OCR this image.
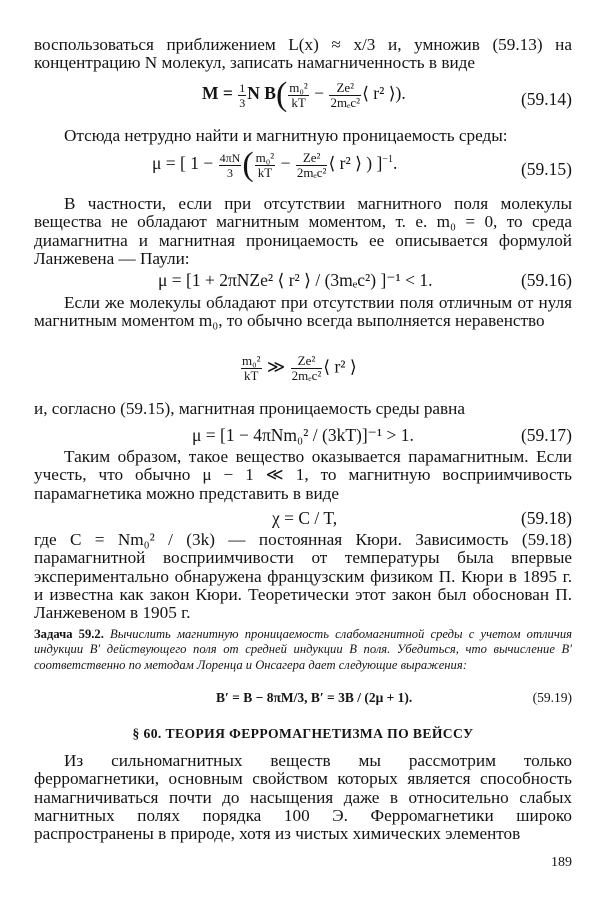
воспользоваться приближением L(x) ≈ x/3 и, умножив (59.13) на концентрацию N молекул, записать намагниченность в виде

$M = \frac{1}{3}$ N $B( \frac{\text{m₀²}}{kT} - \frac{\text{Ze²}}{\text{2mₑc²}}$ ⟨ r² ⟩).	(59.14)

Отсюда нетрудно найти и магнитную проницаемость среды:

μ = [ $1 - \frac{4\pi N}{3}$ ( $\frac{\text{m₀²}}{kT} - \frac{\text{Ze²}}{\text{2mₑc²}}$ ⟨ r² ⟩ ) ]$^{-1}$.	(59.15)

В частности, если при отсутствии магнитного поля молекулы вещества не обладают магнитным моментом, т. е. m₀ = 0, то среда диамагнитна и магнитная проницаемость ее описывается формулой Ланжевена — Паули:

μ = [1 + 2πNZe² ⟨ r² ⟩ / (3mₑc²) ]⁻¹ < 1.	(59.16)

Если же молекулы обладают при отсутствии поля отличным от нуля магнитным моментом m₀, то обычно всегда выполняется неравенство

$\frac{\text{m₀²}}{kT}$ ≫ $\frac{\text{Ze²}}{\text{2mₑc²}}$ ⟨ r² ⟩

и, согласно (59.15), магнитная проницаемость среды равна

μ = [1 − 4πNm₀² / (3kT)]⁻¹ > 1.	(59.17)

Таким образом, такое вещество оказывается парамагнитным. Если учесть, что обычно μ − 1 ≪ 1, то магнитную восприимчивость парамагнетика можно представить в виде

χ = C / T,	(59.18)

где C = Nm₀² / (3k) — постоянная Кюри. Зависимость (59.18) парамагнитной восприимчивости от температуры была впервые экспериментально обнаружена французским физиком П. Кюри в 1895 г. и известна как закон Кюри. Теоретически этот закон был обоснован П. Ланжевеном в 1905 г.

Задача 59.2. Вычислить магнитную проницаемость слабомагнитной среды с учетом отличия индукции B′ действующего поля от средней индукции B поля. Убедиться, что вычисление B′ соответственно по методам Лоренца и Онсагера дает следующие выражения:

B′ = B − 8πM/3, B′ = 3B / (2μ + 1).	(59.19)
§ 60. ТЕОРИЯ ФЕРРОМАГНЕТИЗМА ПО ВЕЙССУ

Из сильномагнитных веществ мы рассмотрим только ферромагнетики, основным свойством которых является способность намагничиваться почти до насыщения даже в относительно слабых магнитных полях порядка 100 Э. Ферромагнетики широко распространены в природе, хотя из чистых химических элементов

189
